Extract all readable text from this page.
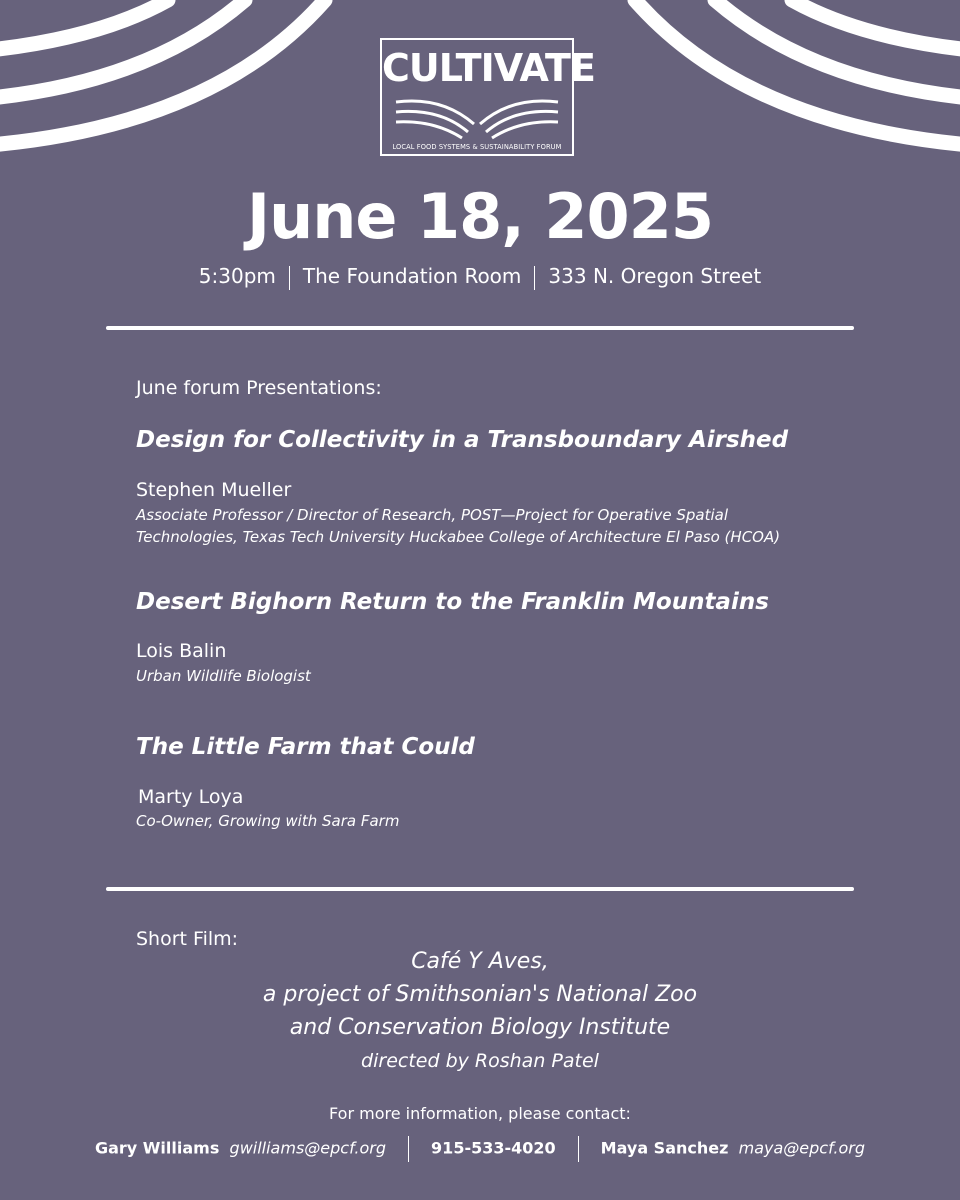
CULTIVATE
LOCAL FOOD SYSTEMS & SUSTAINABILITY FORUM
June 18, 2025
5:30pm The Foundation Room 333 N. Oregon Street
June forum Presentations:
Design for Collectivity in a Transboundary Airshed
Stephen Mueller
Associate Professor / Director of Research, POST—Project for Operative Spatial
Technologies, Texas Tech University Huckabee College of Architecture El Paso (HCOA)
Desert Bighorn Return to the Franklin Mountains
Lois Balin
Urban Wildlife Biologist
The Little Farm that Could
Marty Loya
Co-Owner, Growing with Sara Farm
Short Film:
Café Y Aves,
a project of Smithsonian's National Zoo
and Conservation Biology Institute
directed by Roshan Patel
For more information, please contact:
Gary Williams gwilliams@epcf.org	915-533-4020	Maya Sanchez maya@epcf.org
